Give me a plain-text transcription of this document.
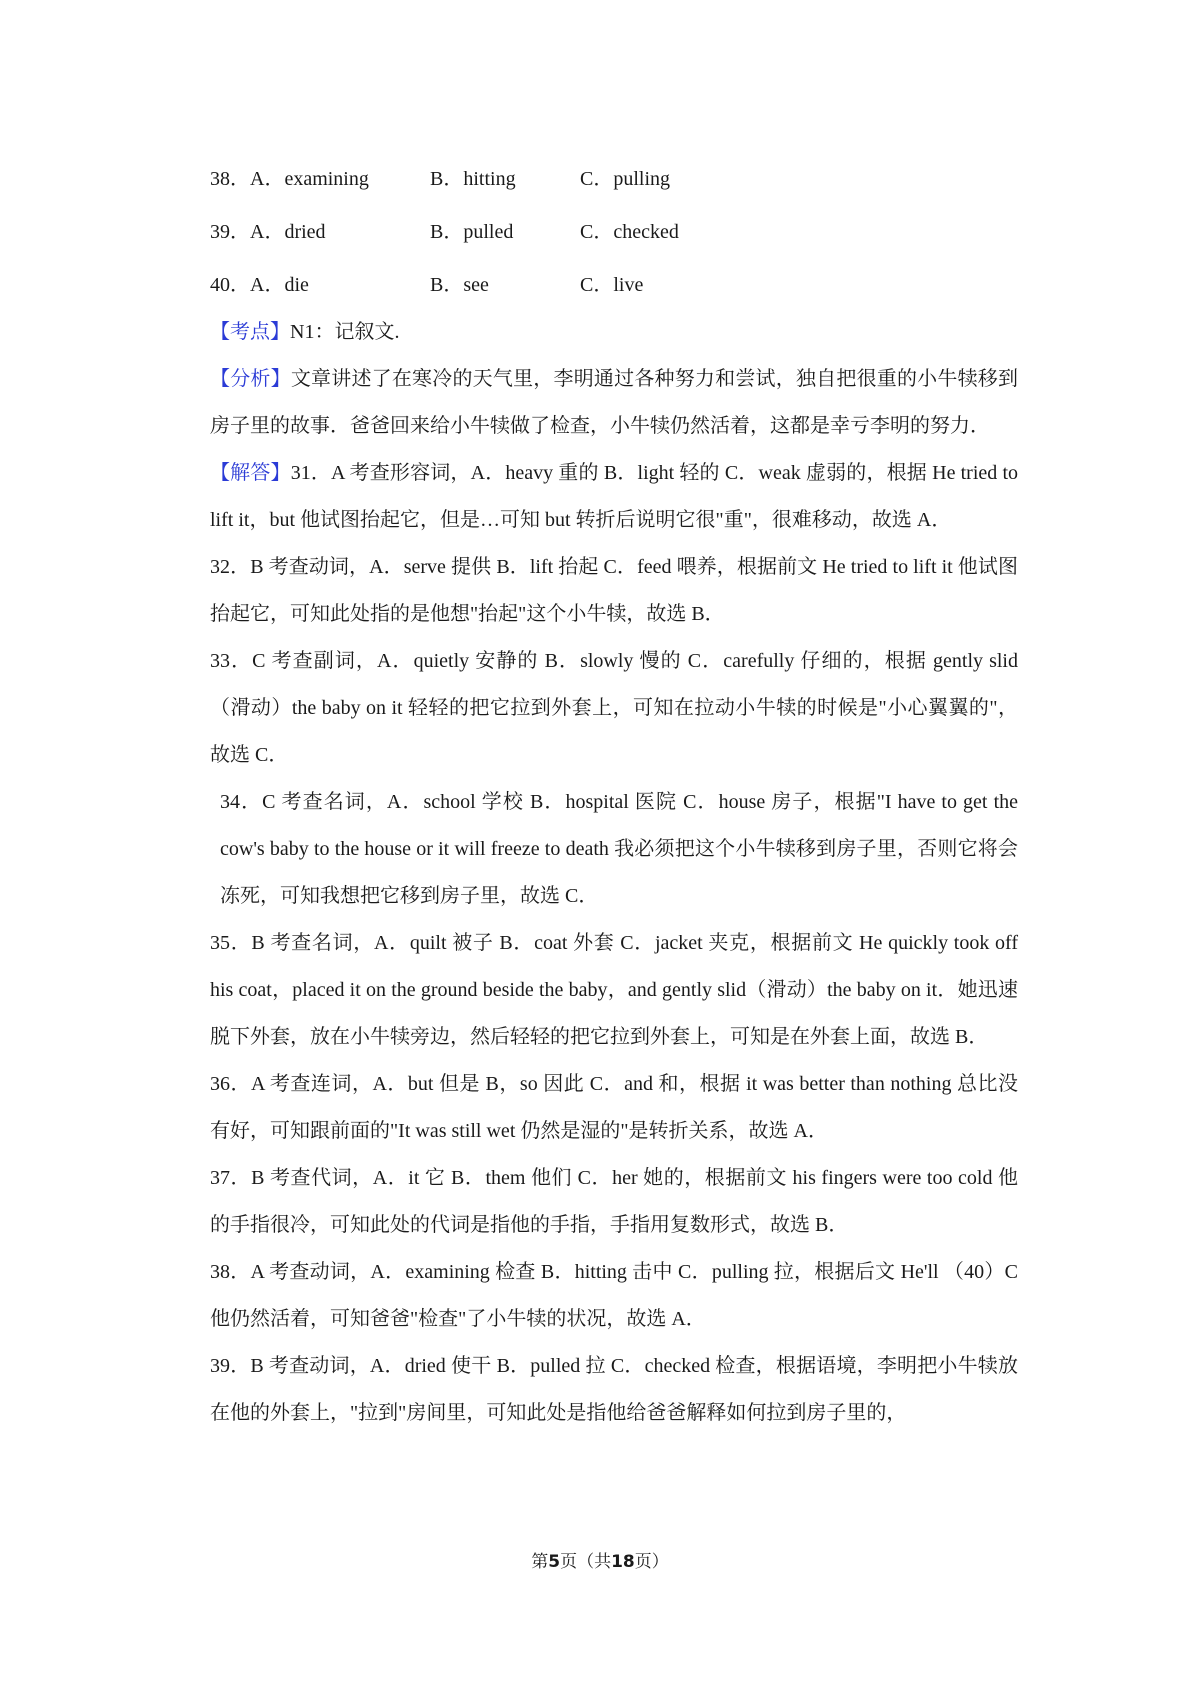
38．A．examining	B．hitting	C．pulling
39．A．dried	B．pulled	C．checked
40．A．die	B．see	C．live

【考点】N1：记叙文.

【分析】文章讲述了在寒冷的天气里，李明通过各种努力和尝试，独自把很重的小牛犊移到房子里的故事．爸爸回来给小牛犊做了检查，小牛犊仍然活着，这都是幸亏李明的努力．

【解答】31．A 考查形容词，A．heavy 重的 B．light 轻的 C．weak 虚弱的，根据 He tried to lift it，but 他试图抬起它，但是…可知 but 转折后说明它很"重"，很难移动，故选 A．

32．B 考查动词，A．serve 提供 B．lift 抬起 C．feed 喂养，根据前文 He tried to lift it 他试图抬起它，可知此处指的是他想"抬起"这个小牛犊，故选 B．

33．C 考查副词，A．quietly 安静的 B．slowly 慢的 C．carefully 仔细的，根据 gently slid（滑动）the baby on it 轻轻的把它拉到外套上，可知在拉动小牛犊的时候是"小心翼翼的"，故选 C．

34．C 考查名词，A．school 学校 B．hospital 医院 C．house 房子，根据"I have to get the cow's baby to the house or it will freeze to death 我必须把这个小牛犊移到房子里，否则它将会冻死，可知我想把它移到房子里，故选 C．

35．B 考查名词，A．quilt 被子 B．coat 外套 C．jacket 夹克，根据前文 He quickly took off his coat，placed it on the ground beside the baby，and gently slid（滑动）the baby on it．她迅速脱下外套，放在小牛犊旁边，然后轻轻的把它拉到外套上，可知是在外套上面，故选 B．

36．A 考查连词，A．but 但是 B，so 因此 C．and 和，根据 it was better than nothing 总比没有好，可知跟前面的"It was still wet 仍然是湿的"是转折关系，故选 A．

37．B 考查代词，A．it 它 B．them 他们 C．her 她的，根据前文 his fingers were too cold 他的手指很冷，可知此处的代词是指他的手指，手指用复数形式，故选 B．

38．A 考查动词，A．examining 检查 B．hitting 击中 C．pulling 拉，根据后文 He'll （40）C 他仍然活着，可知爸爸"检查"了小牛犊的状况，故选 A．

39．B 考查动词，A．dried 使干 B．pulled 拉 C．checked 检查，根据语境，李明把小牛犊放在他的外套上，"拉到"房间里，可知此处是指他给爸爸解释如何拉到房子里的，

第5页（共18页）
